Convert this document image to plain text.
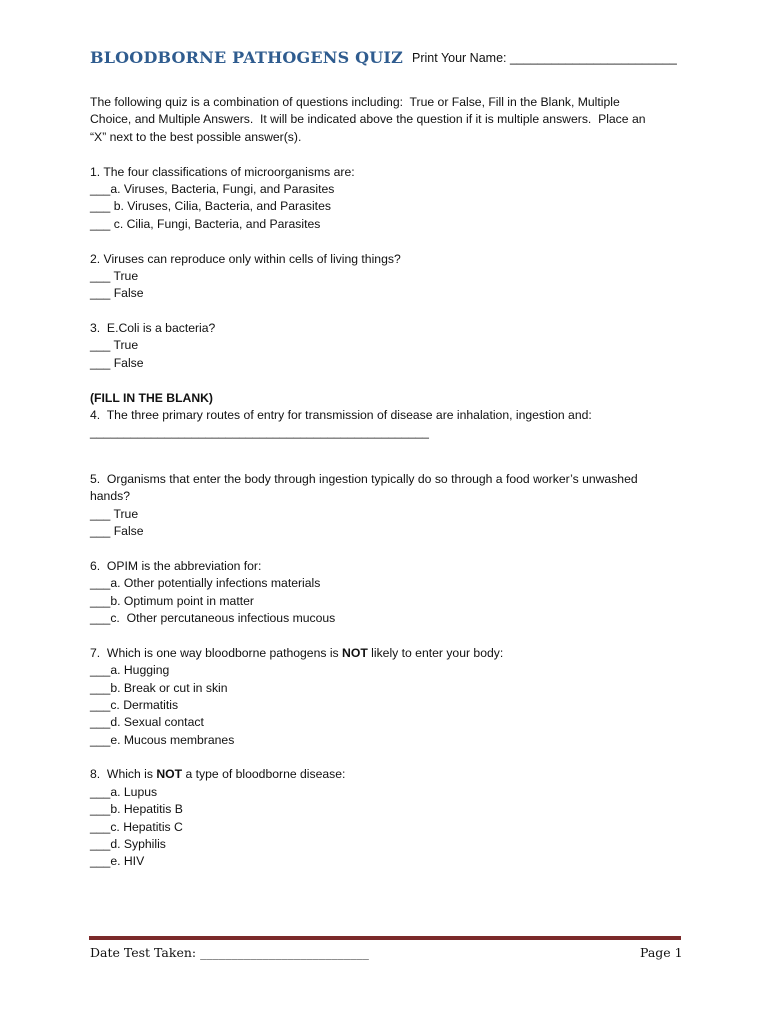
BLOODBORNE PATHOGENS QUIZ Print Your Name: ________________________
The following quiz is a combination of questions including:  True or False, Fill in the Blank, Multiple
Choice, and Multiple Answers.  It will be indicated above the question if it is multiple answers.  Place an
“X” next to the best possible answer(s).
1. The four classifications of microorganisms are:
___a. Viruses, Bacteria, Fungi, and Parasites
___ b. Viruses, Cilia, Bacteria, and Parasites
___ c. Cilia, Fungi, Bacteria, and Parasites
2. Viruses can reproduce only within cells of living things?
___ True
___ False
3.  E.Coli is a bacteria?
___ True
___ False
(FILL IN THE BLANK)
4.  The three primary routes of entry for transmission of disease are inhalation, ingestion and:
__________________________________________________
5.  Organisms that enter the body through ingestion typically do so through a food worker’s unwashed
hands?
___ True
___ False
6.  OPIM is the abbreviation for:
___a. Other potentially infections materials
___b. Optimum point in matter
___c.  Other percutaneous infectious mucous
7.  Which is one way bloodborne pathogens is NOT likely to enter your body:
___a. Hugging
___b. Break or cut in skin
___c. Dermatitis
___d. Sexual contact
___e. Mucous membranes
8.  Which is NOT a type of bloodborne disease:
___a. Lupus
___b. Hepatitis B
___c. Hepatitis C
___d. Syphilis
___e. HIV
Date Test Taken: ___________________________	Page 1
